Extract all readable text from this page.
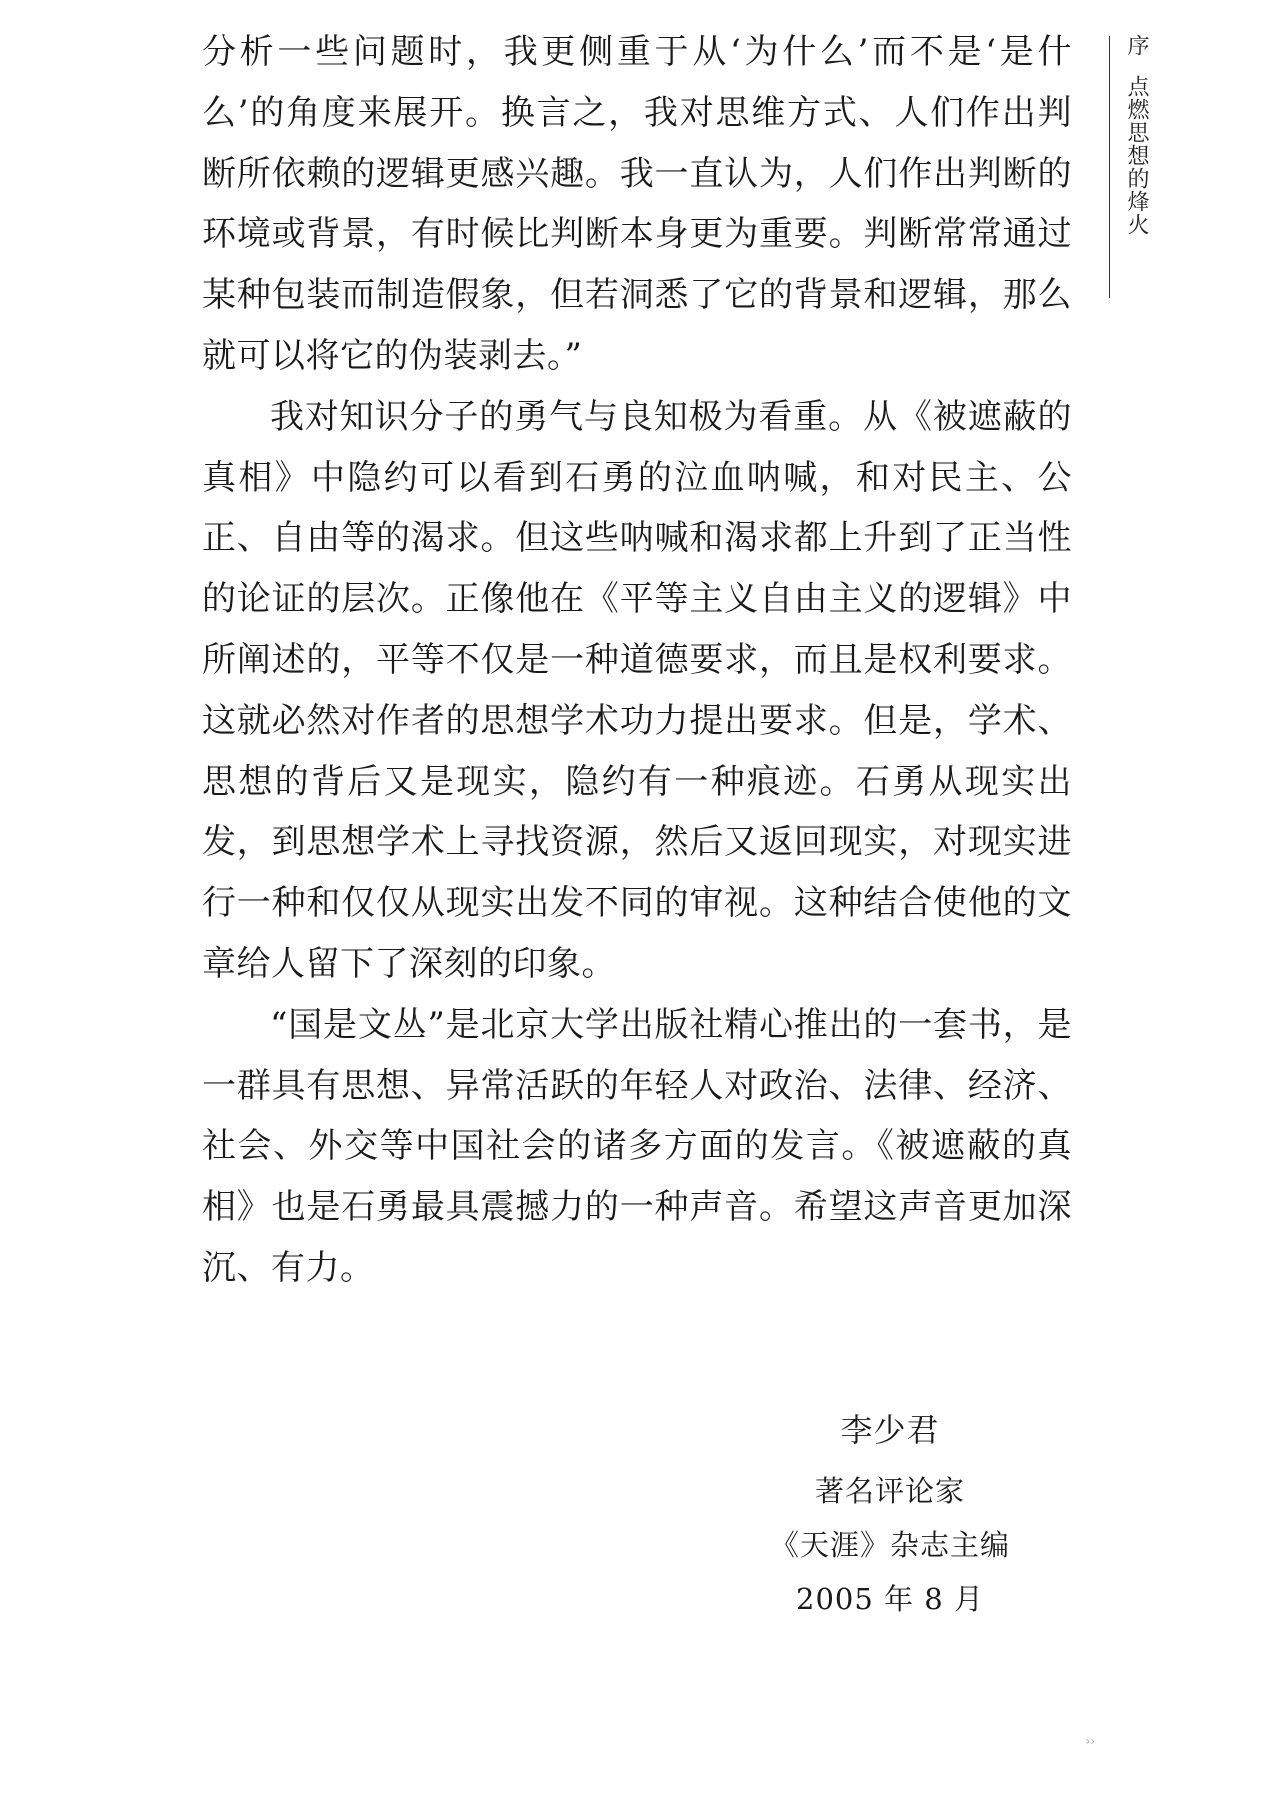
序
点燃思想的烽火

分析一些问题时，我更侧重于从‘为什么’而不是‘是什么’的角度来展开。换言之，我对思维方式、人们作出判断所依赖的逻辑更感兴趣。我一直认为，人们作出判断的环境或背景，有时候比判断本身更为重要。判断常常通过某种包装而制造假象，但若洞悉了它的背景和逻辑，那么就可以将它的伪装剥去。”

我对知识分子的勇气与良知极为看重。从《被遮蔽的真相》中隐约可以看到石勇的泣血呐喊，和对民主、公正、自由等的渴求。但这些呐喊和渴求都上升到了正当性的论证的层次。正像他在《平等主义自由主义的逻辑》中所阐述的，平等不仅是一种道德要求，而且是权利要求。这就必然对作者的思想学术功力提出要求。但是，学术、思想的背后又是现实，隐约有一种痕迹。石勇从现实出发，到思想学术上寻找资源，然后又返回现实，对现实进行一种和仅仅从现实出发不同的审视。这种结合使他的文章给人留下了深刻的印象。

“国是文丛”是北京大学出版社精心推出的一套书，是一群具有思想、异常活跃的年轻人对政治、法律、经济、社会、外交等中国社会的诸多方面的发言。《被遮蔽的真相》也是石勇最具震撼力的一种声音。希望这声音更加深沉、有力。

李少君
著名评论家
《天涯》杂志主编
2005 年 8 月
››
